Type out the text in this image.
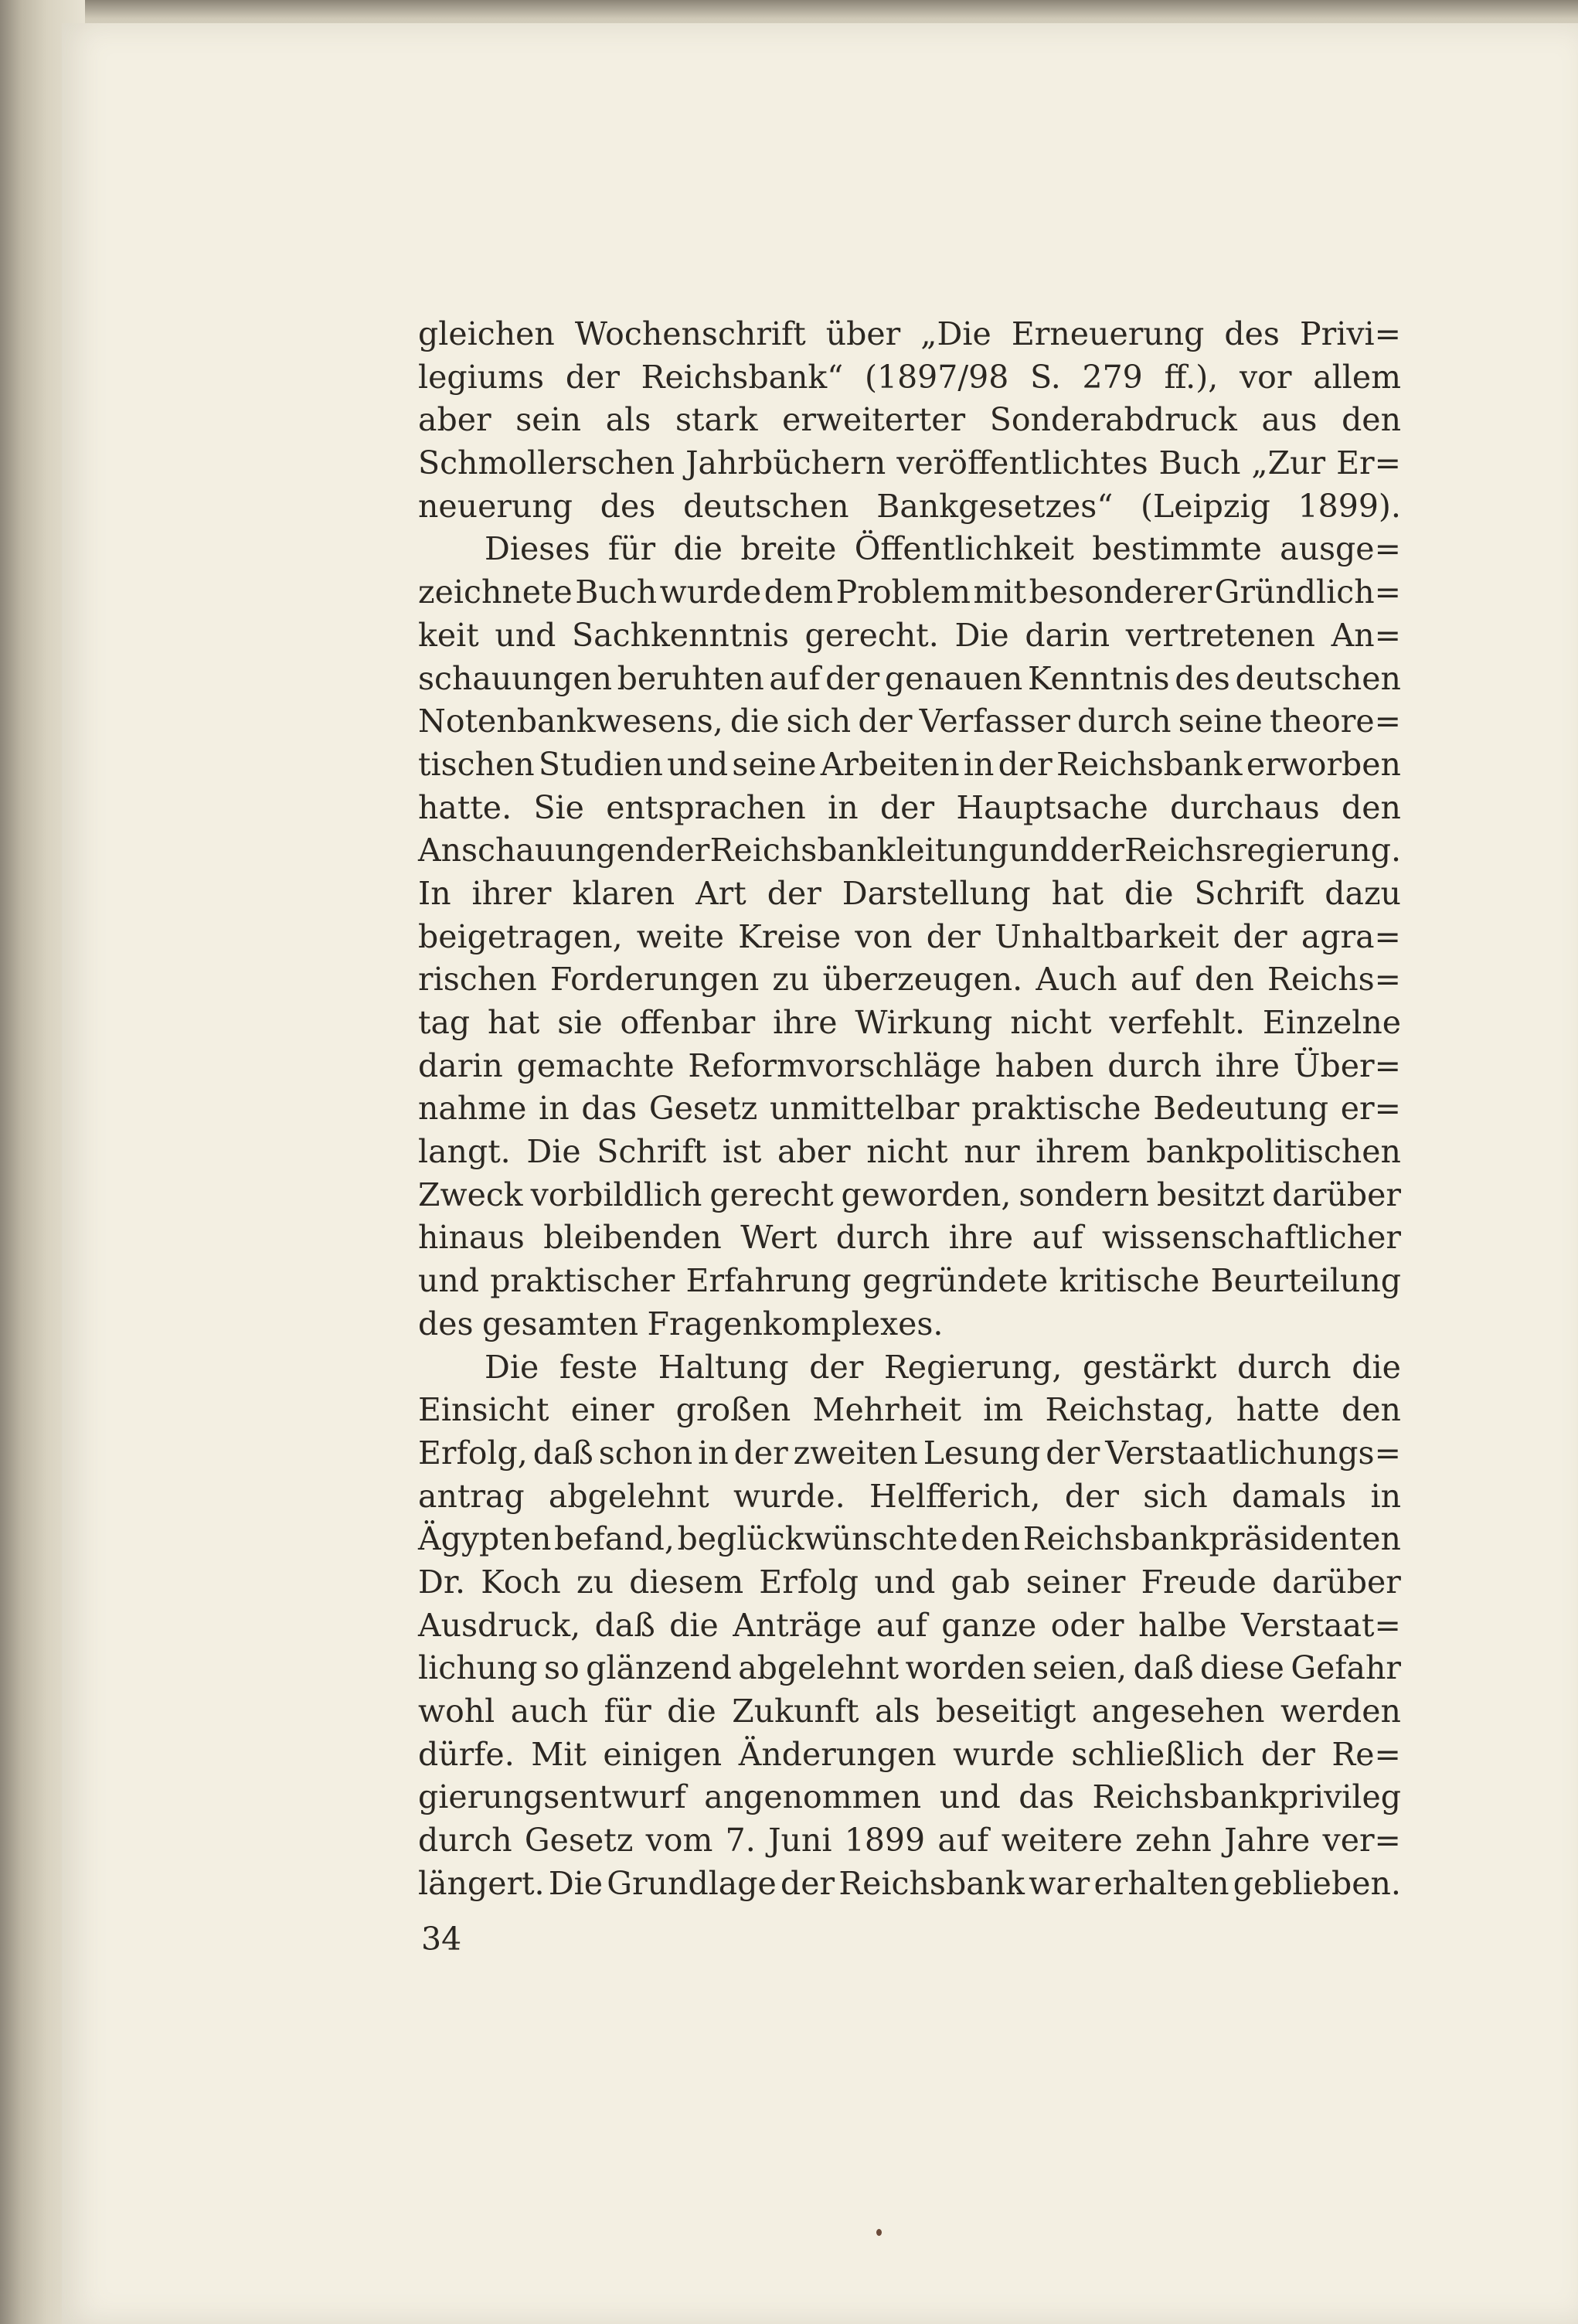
gleichen Wochenschrift über „Die Erneuerung des Privi=
legiums der Reichsbank“ (1897/98 S. 279 ff.), vor allem
aber sein als stark erweiterter Sonderabdruck aus den
Schmollerschen Jahrbüchern veröffentlichtes Buch „Zur Er=
neuerung des deutschen Bankgesetzes“ (Leipzig 1899).
Dieses für die breite Öffentlichkeit bestimmte ausge=
zeichnete Buch wurde dem Problem mit besonderer Gründlich=
keit und Sachkenntnis gerecht. Die darin vertretenen An=
schauungen beruhten auf der genauen Kenntnis des deutschen
Notenbankwesens, die sich der Verfasser durch seine theore=
tischen Studien und seine Arbeiten in der Reichsbank erworben
hatte. Sie entsprachen in der Hauptsache durchaus den
Anschauungen der Reichsbankleitung und der Reichsregierung.
In ihrer klaren Art der Darstellung hat die Schrift dazu
beigetragen, weite Kreise von der Unhaltbarkeit der agra=
rischen Forderungen zu überzeugen. Auch auf den Reichs=
tag hat sie offenbar ihre Wirkung nicht verfehlt. Einzelne
darin gemachte Reformvorschläge haben durch ihre Über=
nahme in das Gesetz unmittelbar praktische Bedeutung er=
langt. Die Schrift ist aber nicht nur ihrem bankpolitischen
Zweck vorbildlich gerecht geworden, sondern besitzt darüber
hinaus bleibenden Wert durch ihre auf wissenschaftlicher
und praktischer Erfahrung gegründete kritische Beurteilung
des gesamten Fragenkomplexes.
Die feste Haltung der Regierung, gestärkt durch die
Einsicht einer großen Mehrheit im Reichstag, hatte den
Erfolg, daß schon in der zweiten Lesung der Verstaatlichungs=
antrag abgelehnt wurde. Helfferich, der sich damals in
Ägypten befand, beglückwünschte den Reichsbankpräsidenten
Dr. Koch zu diesem Erfolg und gab seiner Freude darüber
Ausdruck, daß die Anträge auf ganze oder halbe Verstaat=
lichung so glänzend abgelehnt worden seien, daß diese Gefahr
wohl auch für die Zukunft als beseitigt angesehen werden
dürfe. Mit einigen Änderungen wurde schließlich der Re=
gierungsentwurf angenommen und das Reichsbankprivileg
durch Gesetz vom 7. Juni 1899 auf weitere zehn Jahre ver=
längert. Die Grundlage der Reichsbank war erhalten geblieben.
34
